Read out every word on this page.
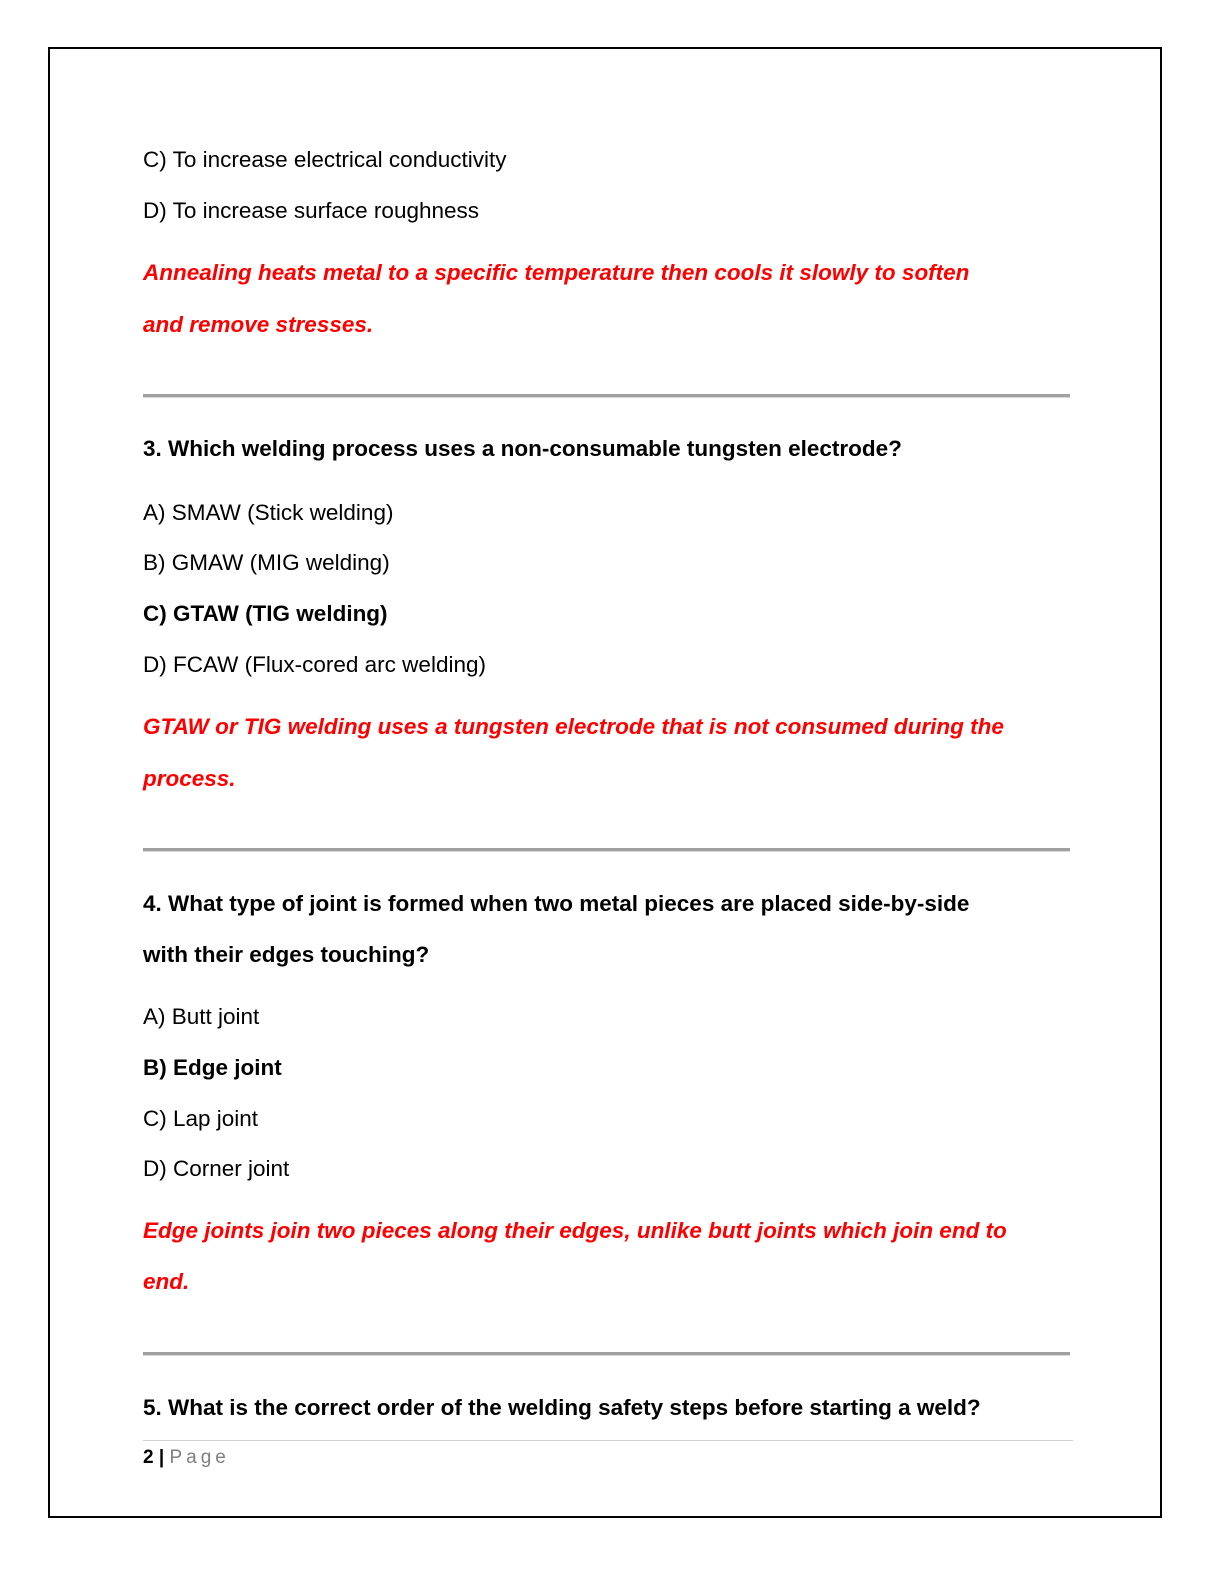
C) To increase electrical conductivity
D) To increase surface roughness
Annealing heats metal to a specific temperature then cools it slowly to soften
and remove stresses.
3. Which welding process uses a non-consumable tungsten electrode?
A) SMAW (Stick welding)
B) GMAW (MIG welding)
C) GTAW (TIG welding)
D) FCAW (Flux-cored arc welding)
GTAW or TIG welding uses a tungsten electrode that is not consumed during the
process.
4. What type of joint is formed when two metal pieces are placed side-by-side
with their edges touching?
A) Butt joint
B) Edge joint
C) Lap joint
D) Corner joint
Edge joints join two pieces along their edges, unlike butt joints which join end to
end.
5. What is the correct order of the welding safety steps before starting a weld?
2 | Page
